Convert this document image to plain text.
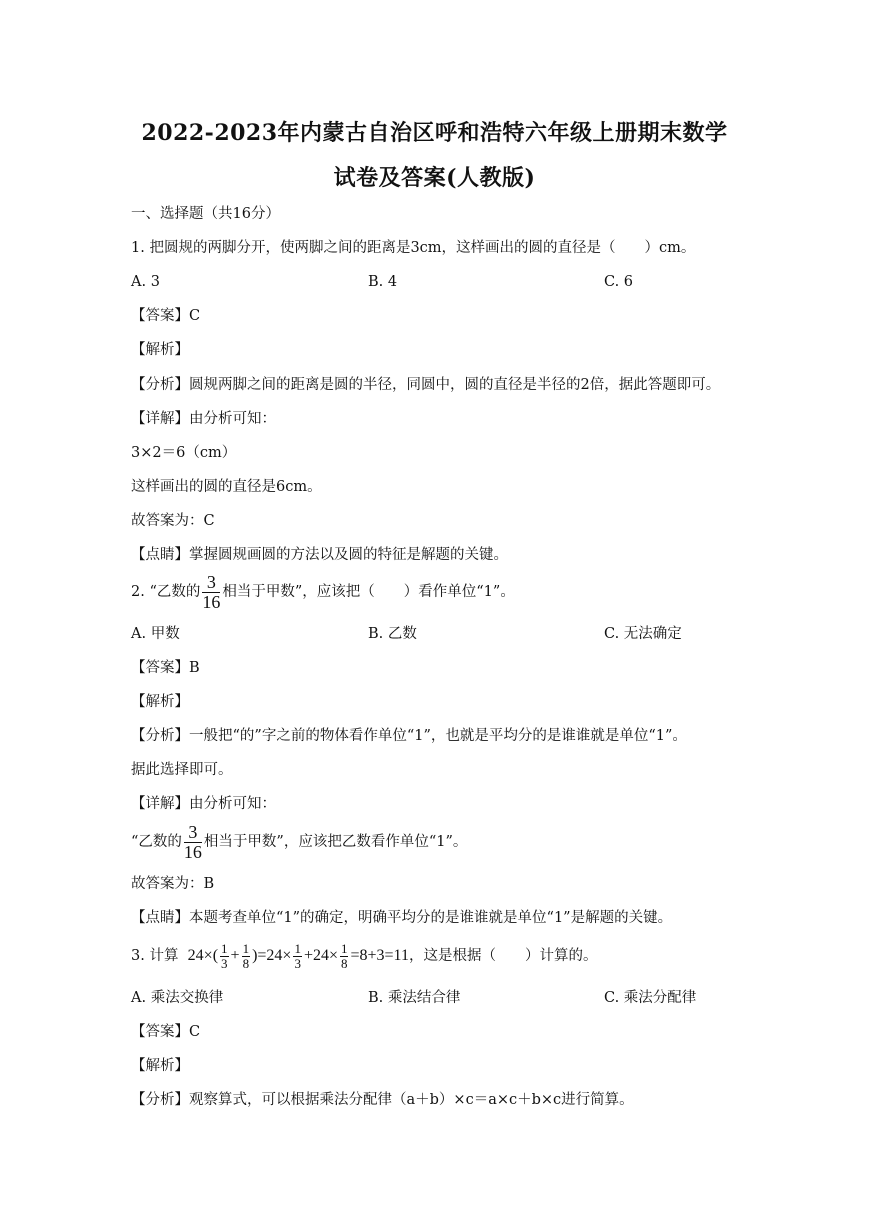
2022-2023年内蒙古自治区呼和浩特六年级上册期末数学
试卷及答案(人教版)
一、选择题（共16分）
1. 把圆规的两脚分开，使两脚之间的距离是3cm，这样画出的圆的直径是（　　）cm。
A. 3	B. 4	C. 6
【答案】C
【解析】
【分析】圆规两脚之间的距离是圆的半径，同圆中，圆的直径是半径的2倍，据此答题即可。
【详解】由分析可知：
3×2＝6（cm）
这样画出的圆的直径是6cm。
故答案为：C
【点睛】掌握圆规画圆的方法以及圆的特征是解题的关键。
2. “乙数的 $\frac{3}{16}$ 相当于甲数”，应该把（　　）看作单位“1”。
A. 甲数	B. 乙数	C. 无法确定
【答案】B
【解析】
【分析】一般把“的”字之前的物体看作单位“1”，也就是平均分的是谁谁就是单位“1”。
据此选择即可。
【详解】由分析可知：
“乙数的 $\frac{3}{16}$ 相当于甲数”，应该把乙数看作单位“1”。
故答案为：B
【点睛】本题考查单位“1”的确定，明确平均分的是谁谁就是单位“1”是解题的关键。
3. 计算 $24\times( \frac{1}{3} + \frac{1}{8} )=24\times \frac{1}{3} +24\times \frac{1}{8} =8+3=11$，这是根据（　　）计算的。
A. 乘法交换律	B. 乘法结合律	C. 乘法分配律
【答案】C
【解析】
【分析】观察算式，可以根据乘法分配律（a＋b）×c＝a×c＋b×c进行简算。
